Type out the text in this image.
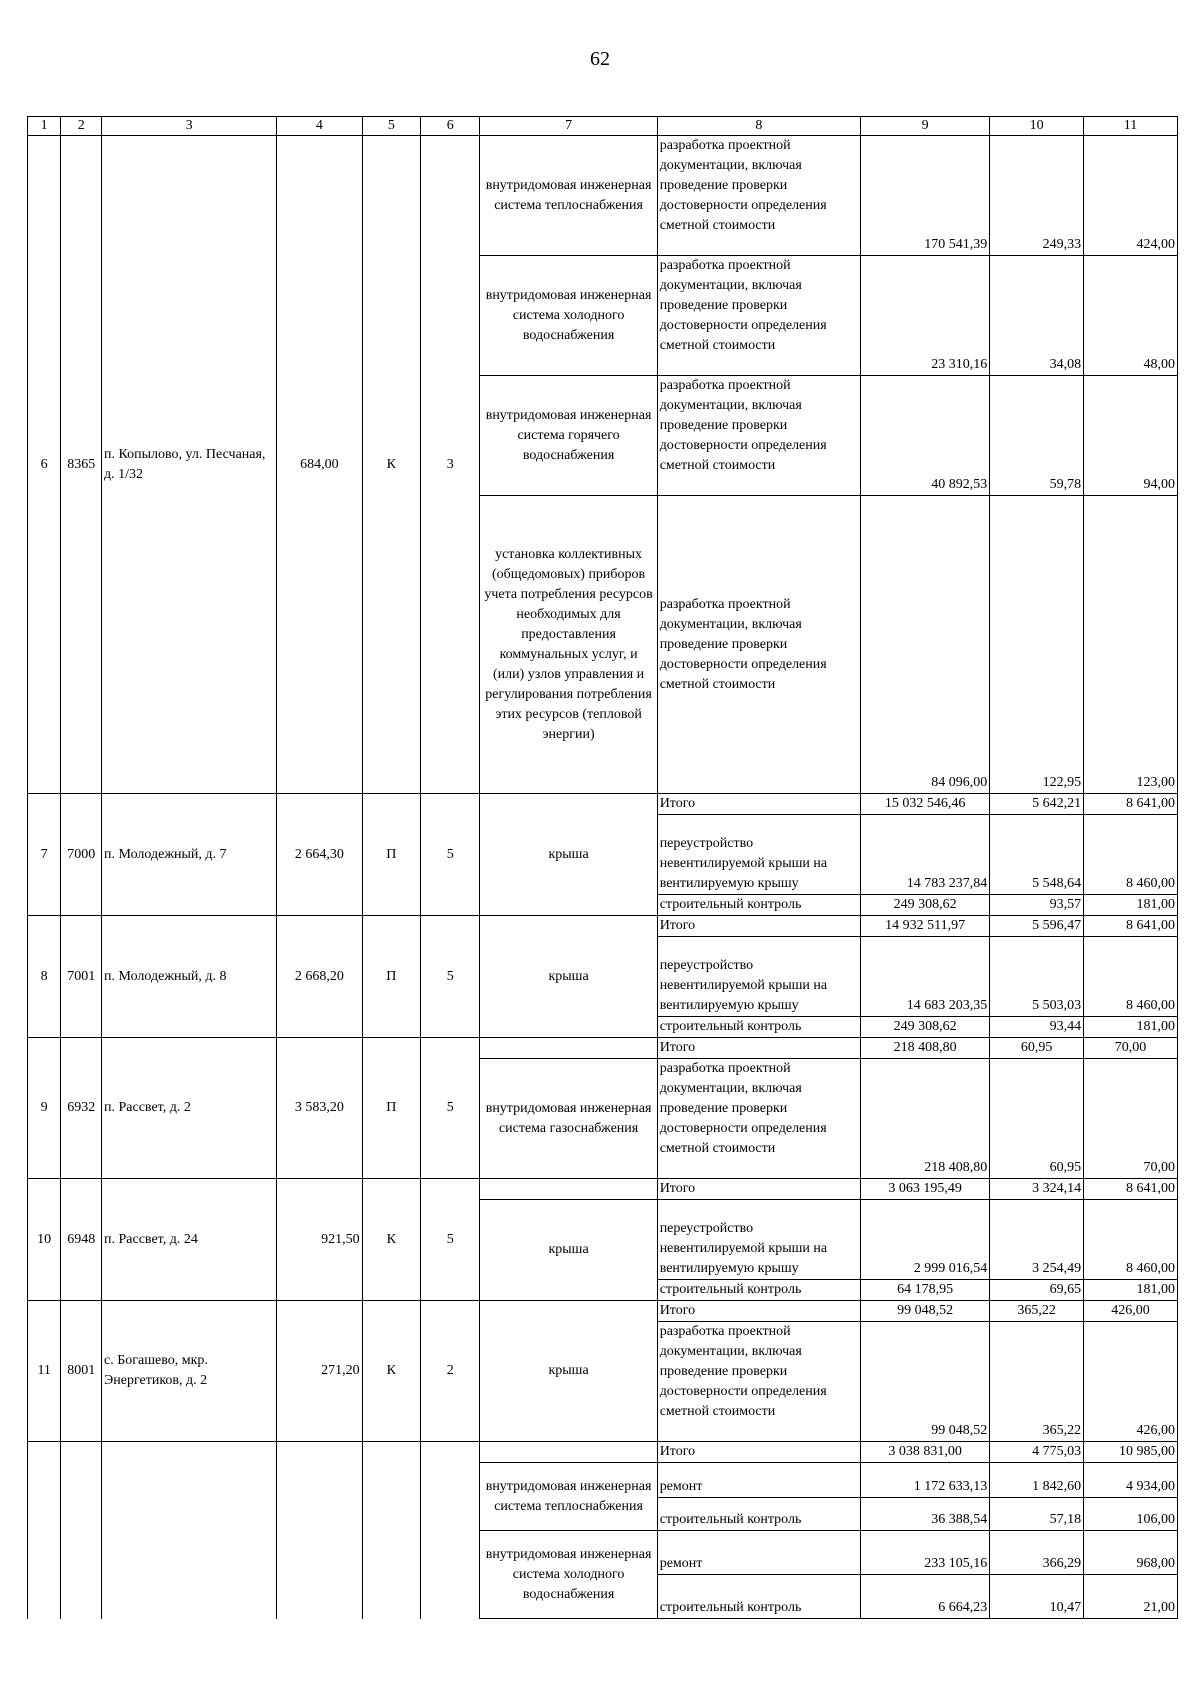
62
1	2	3	4	5	6	7	8	9	10	11
6	8365	п. Копылово, ул. Песчаная, д. 1/32	684,00	К	3	внутридомовая инженерная система теплоснабжения	разработка проектной документации, включая проведение проверки достоверности определения сметной стоимости	170 541,39	249,33	424,00
						внутридомовая инженерная система холодного водоснабжения	разработка проектной документации, включая проведение проверки достоверности определения сметной стоимости	23 310,16	34,08	48,00
						внутридомовая инженерная система горячего водоснабжения	разработка проектной документации, включая проведение проверки достоверности определения сметной стоимости	40 892,53	59,78	94,00
						установка коллективных (общедомовых) приборов учета потребления ресурсов необходимых для предоставления коммунальных услуг, и (или) узлов управления и регулирования потребления этих ресурсов (тепловой энергии)	разработка проектной документации, включая проведение проверки достоверности определения сметной стоимости	84 096,00	122,95	123,00
7	7000	п. Молодежный, д. 7	2 664,30	П	5	крыша	Итого	15 032 546,46	5 642,21	8 641,00
							переустройство невентилируемой крыши на вентилируемую крышу	14 783 237,84	5 548,64	8 460,00
							строительный контроль	249 308,62	93,57	181,00
8	7001	п. Молодежный, д. 8	2 668,20	П	5	крыша	Итого	14 932 511,97	5 596,47	8 641,00
							переустройство невентилируемой крыши на вентилируемую крышу	14 683 203,35	5 503,03	8 460,00
							строительный контроль	249 308,62	93,44	181,00
9	6932	п. Рассвет, д. 2	3 583,20	П	5		Итого	218 408,80	60,95	70,00
						внутридомовая инженерная система газоснабжения	разработка проектной документации, включая проведение проверки достоверности определения сметной стоимости	218 408,80	60,95	70,00
10	6948	п. Рассвет, д. 24	921,50	К	5		Итого	3 063 195,49	3 324,14	8 641,00
						крыша	переустройство невентилируемой крыши на вентилируемую крышу	2 999 016,54	3 254,49	8 460,00
							строительный контроль	64 178,95	69,65	181,00
11	8001	с. Богашево, мкр. Энергетиков, д. 2	271,20	К	2	крыша	Итого	99 048,52	365,22	426,00
							разработка проектной документации, включая проведение проверки достоверности определения сметной стоимости	99 048,52	365,22	426,00
							Итого	3 038 831,00	4 775,03	10 985,00
						внутридомовая инженерная система теплоснабжения	ремонт	1 172 633,13	1 842,60	4 934,00
							строительный контроль	36 388,54	57,18	106,00
						внутридомовая инженерная система холодного водоснабжения	ремонт	233 105,16	366,29	968,00
							строительный контроль	6 664,23	10,47	21,00
